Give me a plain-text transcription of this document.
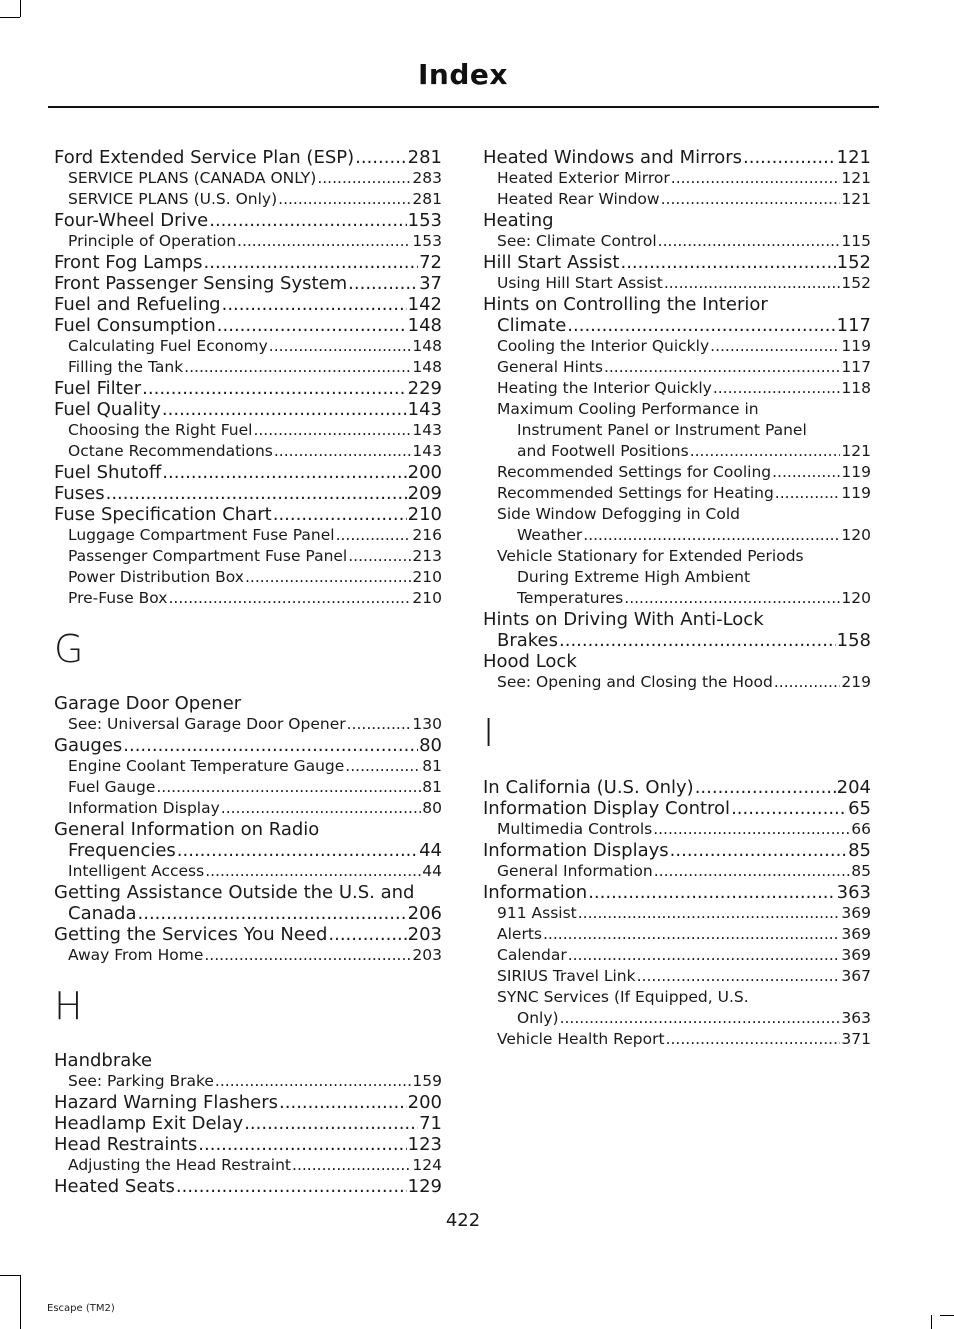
Index
Ford Extended Service Plan (ESP) .....	281
SERVICE PLANS (CANADA ONLY) .....	283
SERVICE PLANS (U.S. Only) .....	281
Four-Wheel Drive .....	153
Principle of Operation .....	153
Front Fog Lamps .....	72
Front Passenger Sensing System .....	37
Fuel and Refueling .....	142
Fuel Consumption .....	148
Calculating Fuel Economy .....	148
Filling the Tank .....	148
Fuel Filter .....	229
Fuel Quality .....	143
Choosing the Right Fuel .....	143
Octane Recommendations .....	143
Fuel Shutoff .....	200
Fuses .....	209
Fuse Specification Chart .....	210
Luggage Compartment Fuse Panel .....	216
Passenger Compartment Fuse Panel .....	213
Power Distribution Box .....	210
Pre-Fuse Box .....	210
G
Garage Door Opener
See: Universal Garage Door Opener .....	130
Gauges .....	80
Engine Coolant Temperature Gauge .....	81
Fuel Gauge .....	81
Information Display .....	80
General Information on Radio
Frequencies .....	44
Intelligent Access .....	44
Getting Assistance Outside the U.S. and
Canada .....	206
Getting the Services You Need .....	203
Away From Home .....	203
H
Handbrake
See: Parking Brake .....	159
Hazard Warning Flashers .....	200
Headlamp Exit Delay .....	71
Head Restraints .....	123
Adjusting the Head Restraint .....	124
Heated Seats .....	129
Heated Windows and Mirrors .....	121
Heated Exterior Mirror .....	121
Heated Rear Window .....	121
Heating
See: Climate Control .....	115
Hill Start Assist .....	152
Using Hill Start Assist .....	152
Hints on Controlling the Interior
Climate .....	117
Cooling the Interior Quickly .....	119
General Hints .....	117
Heating the Interior Quickly .....	118
Maximum Cooling Performance in
Instrument Panel or Instrument Panel
and Footwell Positions .....	121
Recommended Settings for Cooling .....	119
Recommended Settings for Heating .....	119
Side Window Defogging in Cold
Weather .....	120
Vehicle Stationary for Extended Periods
During Extreme High Ambient
Temperatures .....	120
Hints on Driving With Anti-Lock
Brakes .....	158
Hood Lock
See: Opening and Closing the Hood .....	219
I
In California (U.S. Only) .....	204
Information Display Control .....	65
Multimedia Controls .....	66
Information Displays .....	85
General Information .....	85
Information .....	363
911 Assist .....	369
Alerts .....	369
Calendar .....	369
SIRIUS Travel Link .....	367
SYNC Services (If Equipped, U.S.
Only) .....	363
Vehicle Health Report .....	371
422
Escape (TM2)
